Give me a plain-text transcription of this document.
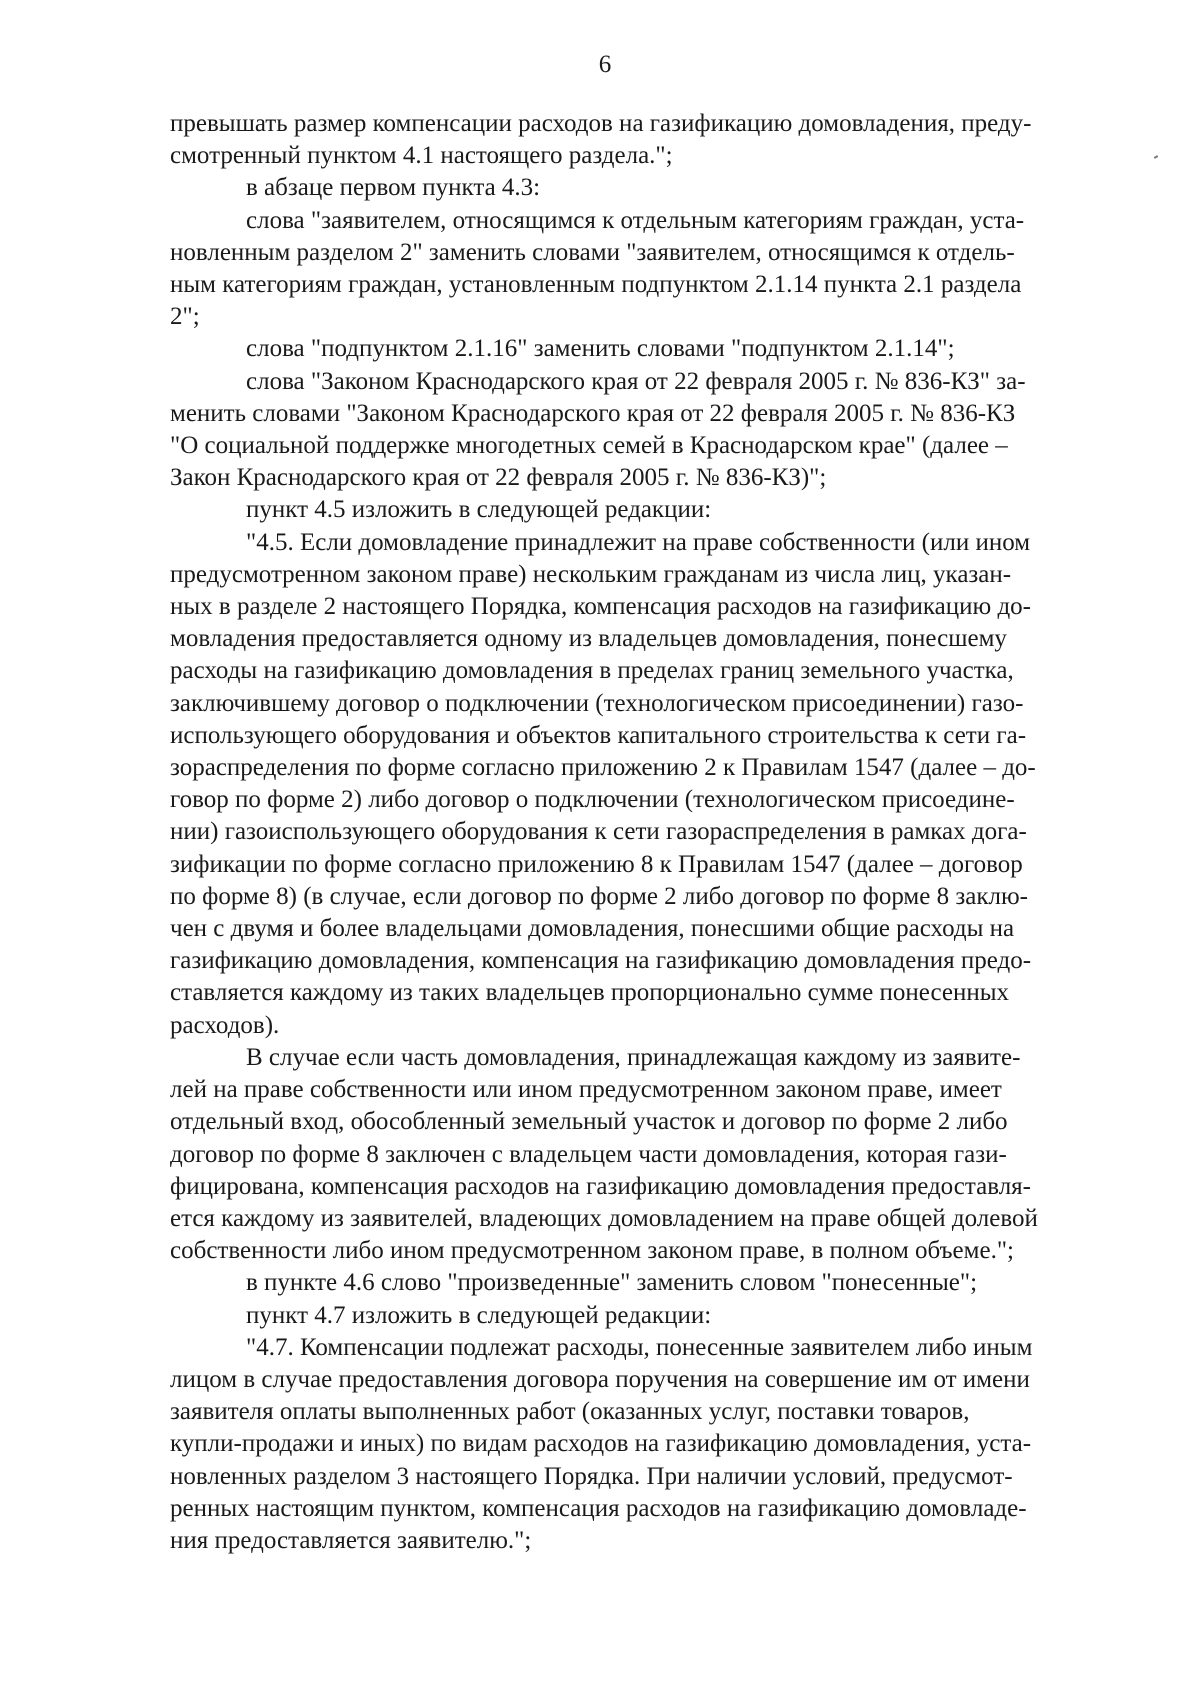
6

превышать размер компенсации расходов на газификацию домовладения, преду-
смотренный пунктом 4.1 настоящего раздела.";

в абзаце первом пункта 4.3:

слова "заявителем, относящимся к отдельным категориям граждан, уста-
новленным разделом 2" заменить словами "заявителем, относящимся к отдель-
ным категориям граждан, установленным подпунктом 2.1.14 пункта 2.1 раздела
2";

слова "подпунктом 2.1.16" заменить словами "подпунктом 2.1.14";

слова "Законом Краснодарского края от 22 февраля 2005 г. № 836-КЗ" за-
менить словами "Законом Краснодарского края от 22 февраля 2005 г. № 836-КЗ
"О социальной поддержке многодетных семей в Краснодарском крае" (далее –
Закон Краснодарского края от 22 февраля 2005 г. № 836-КЗ)";

пункт 4.5 изложить в следующей редакции:

"4.5. Если домовладение принадлежит на праве собственности (или ином
предусмотренном законом праве) нескольким гражданам из числа лиц, указан-
ных в разделе 2 настоящего Порядка, компенсация расходов на газификацию до-
мовладения предоставляется одному из владельцев домовладения, понесшему
расходы на газификацию домовладения в пределах границ земельного участка,
заключившему договор о подключении (технологическом присоединении) газо-
использующего оборудования и объектов капитального строительства к сети га-
зораспределения по форме согласно приложению 2 к Правилам 1547 (далее – до-
говор по форме 2) либо договор о подключении (технологическом присоедине-
нии) газоиспользующего оборудования к сети газораспределения в рамках дога-
зификации по форме согласно приложению 8 к Правилам 1547 (далее – договор
по форме 8) (в случае, если договор по форме 2 либо договор по форме 8 заклю-
чен с двумя и более владельцами домовладения, понесшими общие расходы на
газификацию домовладения, компенсация на газификацию домовладения предо-
ставляется каждому из таких владельцев пропорционально сумме понесенных
расходов).

В случае если часть домовладения, принадлежащая каждому из заявите-
лей на праве собственности или ином предусмотренном законом праве, имеет
отдельный вход, обособленный земельный участок и договор по форме 2 либо
договор по форме 8 заключен с владельцем части домовладения, которая гази-
фицирована, компенсация расходов на газификацию домовладения предоставля-
ется каждому из заявителей, владеющих домовладением на праве общей долевой
собственности либо ином предусмотренном законом праве, в полном объеме.";

в пункте 4.6 слово "произведенные" заменить словом "понесенные";

пункт 4.7 изложить в следующей редакции:

"4.7. Компенсации подлежат расходы, понесенные заявителем либо иным
лицом в случае предоставления договора поручения на совершение им от имени
заявителя оплаты выполненных работ (оказанных услуг, поставки товаров,
купли-продажи и иных) по видам расходов на газификацию домовладения, уста-
новленных разделом 3 настоящего Порядка. При наличии условий, предусмот-
ренных настоящим пунктом, компенсация расходов на газификацию домовладе-
ния предоставляется заявителю.";
